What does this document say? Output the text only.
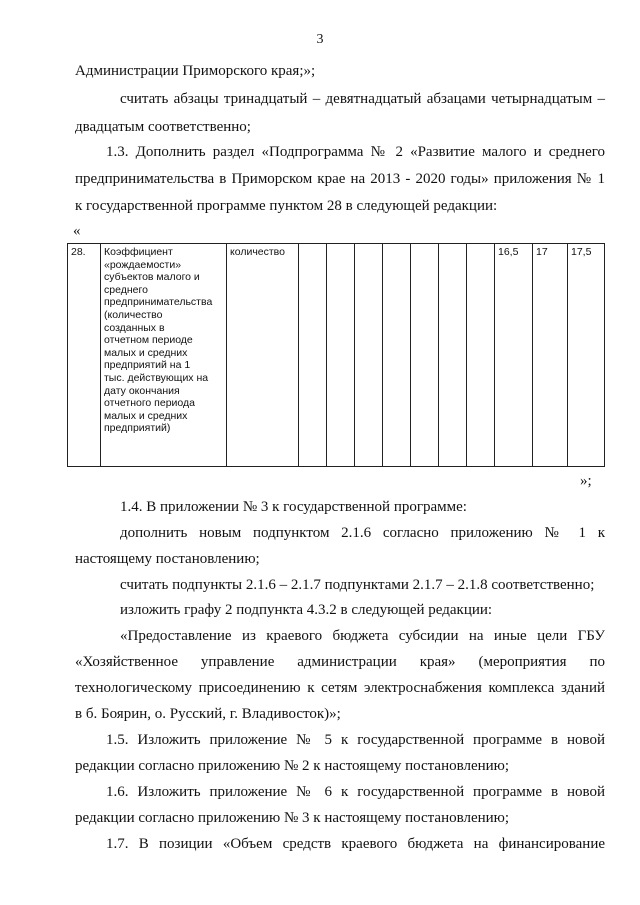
3
Администрации Приморского края;»;
считать абзацы тринадцатый – девятнадцатый абзацами четырнадцатым –
двадцатым соответственно;
1.3. Дополнить раздел «Подпрограмма № 2 «Развитие малого и среднего
предпринимательства в Приморском крае на 2013 - 2020 годы» приложения № 1
к государственной программе пунктом 28 в следующей редакции:
«
28.	Коэффициент
«рождаемости»
субъектов малого и
среднего
предпринимательства
(количество
созданных в
отчетном периоде
малых и средних
предприятий на 1
тыс. действующих на
дату окончания
отчетного периода
малых и средних
предприятий)
	количество								16,5	17	17,5
»;
1.4. В приложении № 3 к государственной программе:
дополнить новым подпунктом 2.1.6 согласно приложению № 1 к
настоящему постановлению;
считать подпункты 2.1.6 – 2.1.7 подпунктами 2.1.7 – 2.1.8 соответственно;
изложить графу 2 подпункта 4.3.2 в следующей редакции:
«Предоставление из краевого бюджета субсидии на иные цели ГБУ
«Хозяйственное управление администрации края» (мероприятия по
технологическому присоединению к сетям электроснабжения комплекса зданий
в б. Боярин, о. Русский, г. Владивосток)»;
1.5. Изложить приложение № 5 к государственной программе в новой
редакции согласно приложению № 2 к настоящему постановлению;
1.6. Изложить приложение № 6 к государственной программе в новой
редакции согласно приложению № 3 к настоящему постановлению;
1.7. В позиции «Объем средств краевого бюджета на финансирование
